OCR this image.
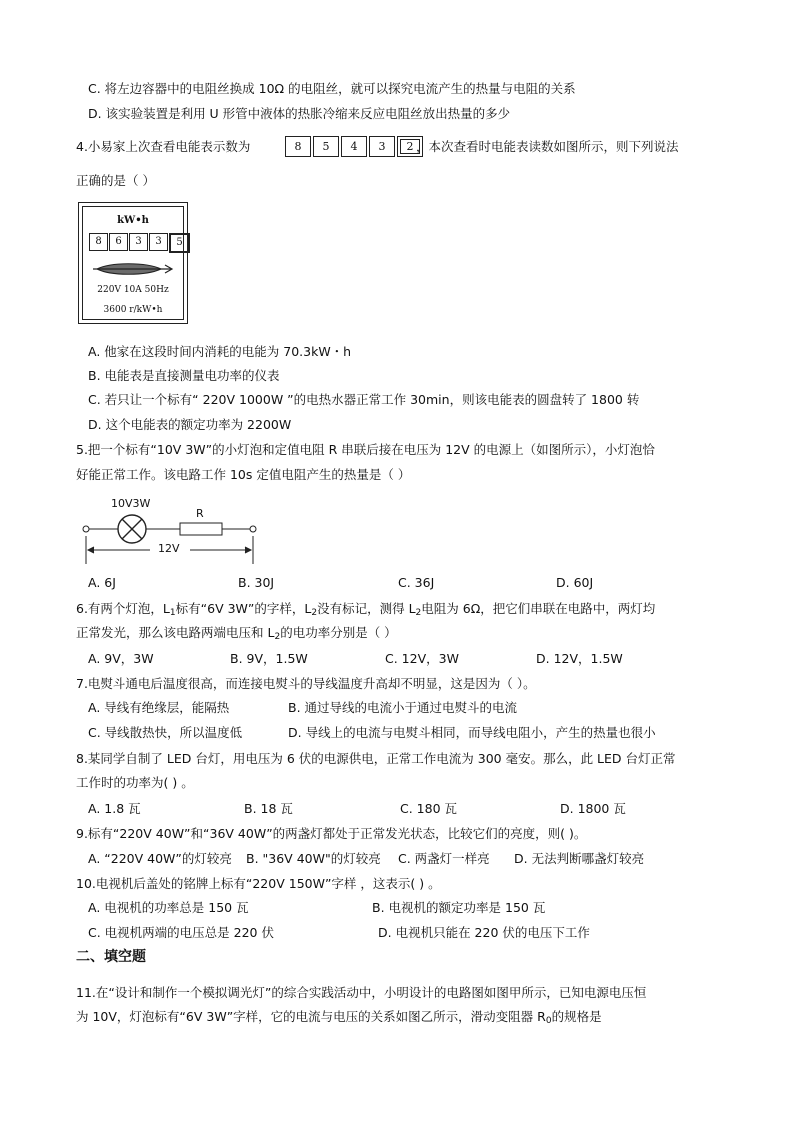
C. 将左边容器中的电阻丝换成 10Ω 的电阻丝，就可以探究电流产生的热量与电阻的关系
D. 该实验装置是利用 U 形管中液体的热胀冷缩来反应电阻丝放出热量的多少
4.小易家上次查看电能表示数为	8	5	4	3	2 ，本次查看时电能表读数如图所示，则下列说法
正确的是（ ）
kW•h
8	6	3	3	5
220V 10A 50Hz
3600 r/kW•h
A. 他家在这段时间内消耗的电能为 70.3kW・h
B. 电能表是直接测量电功率的仪表
C. 若只让一个标有“ 220V 1000W ”的电热水器正常工作 30min，则该电能表的圆盘转了 1800 转
D. 这个电能表的额定功率为 2200W
5.把一个标有“10V 3W”的小灯泡和定值电阻 R 串联后接在电压为 12V 的电源上（如图所示），小灯泡恰
好能正常工作。该电路工作 10s 定值电阻产生的热量是（ ）
10V3W
R
12V
A. 6J	B. 30J	C. 36J	D. 60J
6.有两个灯泡，$L_1$标有“6V 3W”的字样，$L_2$没有标记，测得 $L_2$电阻为 6Ω，把它们串联在电路中，两灯均
正常发光，那么该电路两端电压和 $L_2$的电功率分别是（ ）
A. 9V，3W	B. 9V，1.5W	C. 12V，3W	D. 12V，1.5W
7.电熨斗通电后温度很高，而连接电熨斗的导线温度升高却不明显，这是因为（ ）。
A. 导线有绝缘层，能隔热	B. 通过导线的电流小于通过电熨斗的电流
C. 导线散热快，所以温度低	D. 导线上的电流与电熨斗相同，而导线电阻小，产生的热量也很小
8.某同学自制了 LED 台灯，用电压为 6 伏的电源供电，正常工作电流为 300 毫安。那么，此 LED 台灯正常
工作时的功率为( ) 。
A. 1.8 瓦	B. 18 瓦	C. 180 瓦	D. 1800 瓦
9.标有“220V 40W”和“36V 40W”的两盏灯都处于正常发光状态，比较它们的亮度，则( )。
A. “220V 40W”的灯较亮 B. "36V 40W"的灯较亮 C. 两盏灯一样亮 D. 无法判断哪盏灯较亮
10.电视机后盖处的铭牌上标有“220V 150W”字样 ，这表示( ) 。
A. 电视机的功率总是 150 瓦	B. 电视机的额定功率是 150 瓦
C. 电视机两端的电压总是 220 伏	D. 电视机只能在 220 伏的电压下工作
二、填空题
11.在“设计和制作一个模拟调光灯”的综合实践活动中，小明设计的电路图如图甲所示，已知电源电压恒
为 10V，灯泡标有“6V 3W”字样，它的电流与电压的关系如图乙所示，滑动变阻器 $R_0$的规格是
